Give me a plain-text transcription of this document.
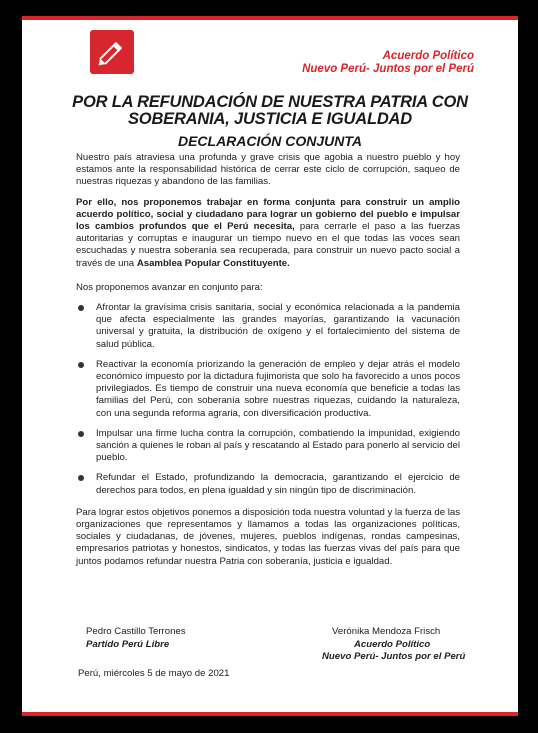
Acuerdo Político
Nuevo Perú- Juntos por el Perú
POR LA REFUNDACIÓN DE NUESTRA PATRIA CON
SOBERANIA, JUSTICIA E IGUALDAD
DECLARACIÓN CONJUNTA

Nuestro país atraviesa una profunda y grave crisis que agobia a nuestro pueblo y hoy estamos ante la responsabilidad histórica de cerrar este ciclo de corrupción, saqueo de nuestras riquezas y abandono de las familias.

Por ello, nos proponemos trabajar en forma conjunta para construir un amplio acuerdo político, social y ciudadano para lograr un gobierno del pueblo e impulsar los cambios profundos que el Perú necesita, para cerrarle el paso a las fuerzas autoritarias y corruptas e inaugurar un tiempo nuevo en el que todas las voces sean escuchadas y nuestra soberanía sea recuperada, para construir un nuevo pacto social a través de una Asamblea Popular Constituyente.

Nos proponemos avanzar en conjunto para:

Afrontar la gravísima crisis sanitaria, social y económica relacionada a la pandemia que afecta especialmente las grandes mayorías, garantizando la vacunación universal y gratuita, la distribución de oxígeno y el fortalecimiento del sistema de salud pública.
Reactivar la economía priorizando la generación de empleo y dejar atrás el modelo económico impuesto por la dictadura fujimorista que solo ha favorecido a unos pocos privilegiados. Es tiempo de construir una nueva economía que beneficie a todas las familias del Perú, con soberanía sobre nuestras riquezas, cuidando la naturaleza, con una segunda reforma agraria, con diversificación productiva.
Impulsar una firme lucha contra la corrupción, combatiendo la impunidad, exigiendo sanción a quienes le roban al país y rescatando al Estado para ponerlo al servicio del pueblo.
Refundar el Estado, profundizando la democracia, garantizando el ejercicio de derechos para todos, en plena igualdad y sin ningún tipo de discriminación.

Para lograr estos objetivos ponemos a disposición toda nuestra voluntad y la fuerza de las organizaciones que representamos y llamamos a todas las organizaciones políticas, sociales y ciudadanas, de jóvenes, mujeres, pueblos indígenas, rondas campesinas, empresarios patriotas y honestos, sindicatos, y todas las fuerzas vivas del país para que juntos podamos refundar nuestra Patria con soberanía, justicia e igualdad.

Pedro Castillo Terrones
Partido Perú Libre
Verónika Mendoza Frisch
Acuerdo Político
Nuevo Perú- Juntos por el Perú
Perú, miércoles 5 de mayo de 2021
